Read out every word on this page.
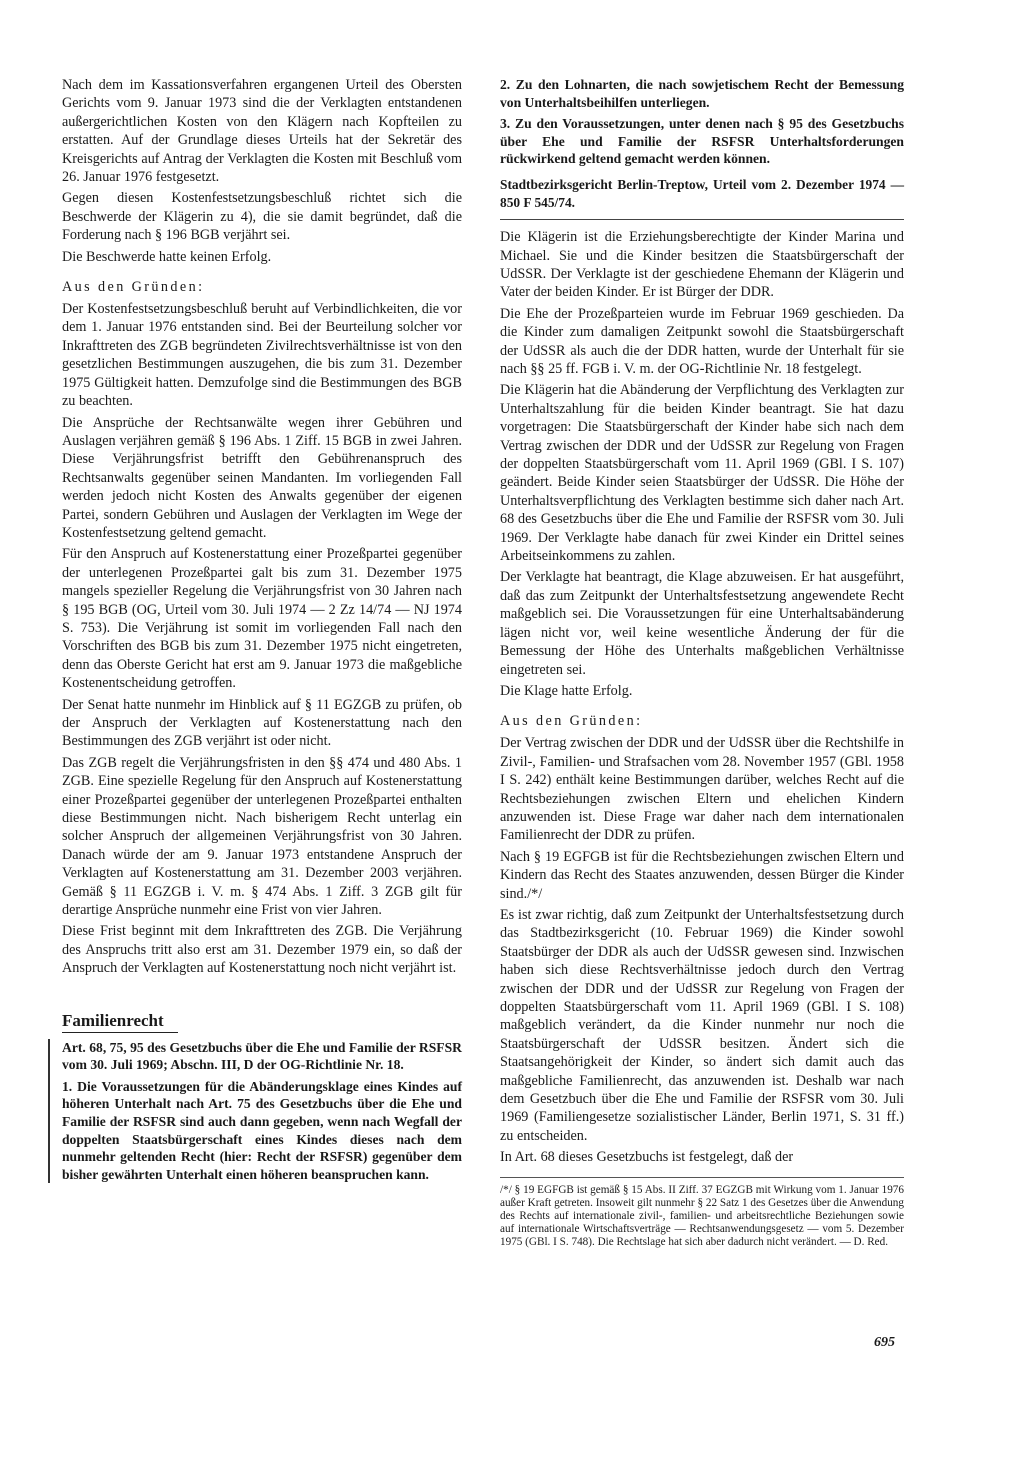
Nach dem im Kassationsverfahren ergangenen Urteil des Obersten Gerichts vom 9. Januar 1973 sind die der Verklagten entstandenen außergerichtlichen Kosten von den Klägern nach Kopfteilen zu erstatten. Auf der Grundlage dieses Urteils hat der Sekretär des Kreisgerichts auf Antrag der Verklagten die Kosten mit Beschluß vom 26. Januar 1976 festgesetzt.

Gegen diesen Kostenfestsetzungsbeschluß richtet sich die Beschwerde der Klägerin zu 4), die sie damit begründet, daß die Forderung nach § 196 BGB verjährt sei.

Die Beschwerde hatte keinen Erfolg.

Aus den Gründen:

Der Kostenfestsetzungsbeschluß beruht auf Verbindlichkeiten, die vor dem 1. Januar 1976 entstanden sind. Bei der Beurteilung solcher vor Inkrafttreten des ZGB begründeten Zivilrechtsverhältnisse ist von den gesetzlichen Bestimmungen auszugehen, die bis zum 31. Dezember 1975 Gültigkeit hatten. Demzufolge sind die Bestimmungen des BGB zu beachten.

Die Ansprüche der Rechtsanwälte wegen ihrer Gebühren und Auslagen verjähren gemäß § 196 Abs. 1 Ziff. 15 BGB in zwei Jahren. Diese Verjährungsfrist betrifft den Gebührenanspruch des Rechtsanwalts gegenüber seinen Mandanten. Im vorliegenden Fall werden jedoch nicht Kosten des Anwalts gegenüber der eigenen Partei, sondern Gebühren und Auslagen der Verklagten im Wege der Kostenfestsetzung geltend gemacht.

Für den Anspruch auf Kostenerstattung einer Prozeßpartei gegenüber der unterlegenen Prozeßpartei galt bis zum 31. Dezember 1975 mangels spezieller Regelung die Verjährungsfrist von 30 Jahren nach § 195 BGB (OG, Urteil vom 30. Juli 1974 — 2 Zz 14/74 — NJ 1974 S. 753). Die Verjährung ist somit im vorliegenden Fall nach den Vorschriften des BGB bis zum 31. Dezember 1975 nicht eingetreten, denn das Oberste Gericht hat erst am 9. Januar 1973 die maßgebliche Kostenentscheidung getroffen.

Der Senat hatte nunmehr im Hinblick auf § 11 EGZGB zu prüfen, ob der Anspruch der Verklagten auf Kostenerstattung nach den Bestimmungen des ZGB verjährt ist oder nicht.

Das ZGB regelt die Verjährungsfristen in den §§ 474 und 480 Abs. 1 ZGB. Eine spezielle Regelung für den Anspruch auf Kostenerstattung einer Prozeßpartei gegenüber der unterlegenen Prozeßpartei enthalten diese Bestimmungen nicht. Nach bisherigem Recht unterlag ein solcher Anspruch der allgemeinen Verjährungsfrist von 30 Jahren. Danach würde der am 9. Januar 1973 entstandene Anspruch der Verklagten auf Kostenerstattung am 31. Dezember 2003 verjähren. Gemäß § 11 EGZGB i. V. m. § 474 Abs. 1 Ziff. 3 ZGB gilt für derartige Ansprüche nunmehr eine Frist von vier Jahren.

Diese Frist beginnt mit dem Inkrafttreten des ZGB. Die Verjährung des Anspruchs tritt also erst am 31. Dezember 1979 ein, so daß der Anspruch der Verklagten auf Kostenerstattung noch nicht verjährt ist.

Familienrecht

Art. 68, 75, 95 des Gesetzbuchs über die Ehe und Familie der RSFSR vom 30. Juli 1969; Abschn. III, D der OG-Richtlinie Nr. 18.

1. Die Voraussetzungen für die Abänderungsklage eines Kindes auf höheren Unterhalt nach Art. 75 des Gesetzbuchs über die Ehe und Familie der RSFSR sind auch dann gegeben, wenn nach Wegfall der doppelten Staatsbürgerschaft eines Kindes dieses nach dem nunmehr geltenden Recht (hier: Recht der RSFSR) gegenüber dem bisher gewährten Unterhalt einen höheren beanspruchen kann.

2. Zu den Lohnarten, die nach sowjetischem Recht der Bemessung von Unterhaltsbeihilfen unterliegen.

3. Zu den Voraussetzungen, unter denen nach § 95 des Gesetzbuchs über Ehe und Familie der RSFSR Unterhaltsforderungen rückwirkend geltend gemacht werden können.

Stadtbezirksgericht Berlin-Treptow, Urteil vom 2. Dezember 1974 — 850 F 545/74.

Die Klägerin ist die Erziehungsberechtigte der Kinder Marina und Michael. Sie und die Kinder besitzen die Staatsbürgerschaft der UdSSR. Der Verklagte ist der geschiedene Ehemann der Klägerin und Vater der beiden Kinder. Er ist Bürger der DDR.

Die Ehe der Prozeßparteien wurde im Februar 1969 geschieden. Da die Kinder zum damaligen Zeitpunkt sowohl die Staatsbürgerschaft der UdSSR als auch die der DDR hatten, wurde der Unterhalt für sie nach §§ 25 ff. FGB i. V. m. der OG-Richtlinie Nr. 18 festgelegt.

Die Klägerin hat die Abänderung der Verpflichtung des Verklagten zur Unterhaltszahlung für die beiden Kinder beantragt. Sie hat dazu vorgetragen: Die Staatsbürgerschaft der Kinder habe sich nach dem Vertrag zwischen der DDR und der UdSSR zur Regelung von Fragen der doppelten Staatsbürgerschaft vom 11. April 1969 (GBl. I S. 107) geändert. Beide Kinder seien Staatsbürger der UdSSR. Die Höhe der Unterhaltsverpflichtung des Verklagten bestimme sich daher nach Art. 68 des Gesetzbuchs über die Ehe und Familie der RSFSR vom 30. Juli 1969. Der Verklagte habe danach für zwei Kinder ein Drittel seines Arbeitseinkommens zu zahlen.

Der Verklagte hat beantragt, die Klage abzuweisen. Er hat ausgeführt, daß das zum Zeitpunkt der Unterhaltsfestsetzung angewendete Recht maßgeblich sei. Die Voraussetzungen für eine Unterhaltsabänderung lägen nicht vor, weil keine wesentliche Änderung der für die Bemessung der Höhe des Unterhalts maßgeblichen Verhältnisse eingetreten sei.

Die Klage hatte Erfolg.

Aus den Gründen:

Der Vertrag zwischen der DDR und der UdSSR über die Rechtshilfe in Zivil-, Familien- und Strafsachen vom 28. November 1957 (GBl. 1958 I S. 242) enthält keine Bestimmungen darüber, welches Recht auf die Rechtsbeziehungen zwischen Eltern und ehelichen Kindern anzuwenden ist. Diese Frage war daher nach dem internationalen Familienrecht der DDR zu prüfen.

Nach § 19 EGFGB ist für die Rechtsbeziehungen zwischen Eltern und Kindern das Recht des Staates anzuwenden, dessen Bürger die Kinder sind./*/

Es ist zwar richtig, daß zum Zeitpunkt der Unterhaltsfestsetzung durch das Stadtbezirksgericht (10. Februar 1969) die Kinder sowohl Staatsbürger der DDR als auch der UdSSR gewesen sind. Inzwischen haben sich diese Rechtsverhältnisse jedoch durch den Vertrag zwischen der DDR und der UdSSR zur Regelung von Fragen der doppelten Staatsbürgerschaft vom 11. April 1969 (GBl. I S. 108) maßgeblich verändert, da die Kinder nunmehr nur noch die Staatsbürgerschaft der UdSSR besitzen. Ändert sich die Staatsangehörigkeit der Kinder, so ändert sich damit auch das maßgebliche Familienrecht, das anzuwenden ist. Deshalb war nach dem Gesetzbuch über die Ehe und Familie der RSFSR vom 30. Juli 1969 (Familiengesetze sozialistischer Länder, Berlin 1971, S. 31 ff.) zu entscheiden.

In Art. 68 dieses Gesetzbuchs ist festgelegt, daß der

/*/ § 19 EGFGB ist gemäß § 15 Abs. II Ziff. 37 EGZGB mit Wirkung vom 1. Januar 1976 außer Kraft getreten. Insoweit gilt nunmehr § 22 Satz 1 des Gesetzes über die Anwendung des Rechts auf internationale zivil-, familien- und arbeitsrechtliche Beziehungen sowie auf internationale Wirtschaftsverträge — Rechtsanwendungsgesetz — vom 5. Dezember 1975 (GBl. I S. 748). Die Rechtslage hat sich aber dadurch nicht verändert. — D. Red.

695
